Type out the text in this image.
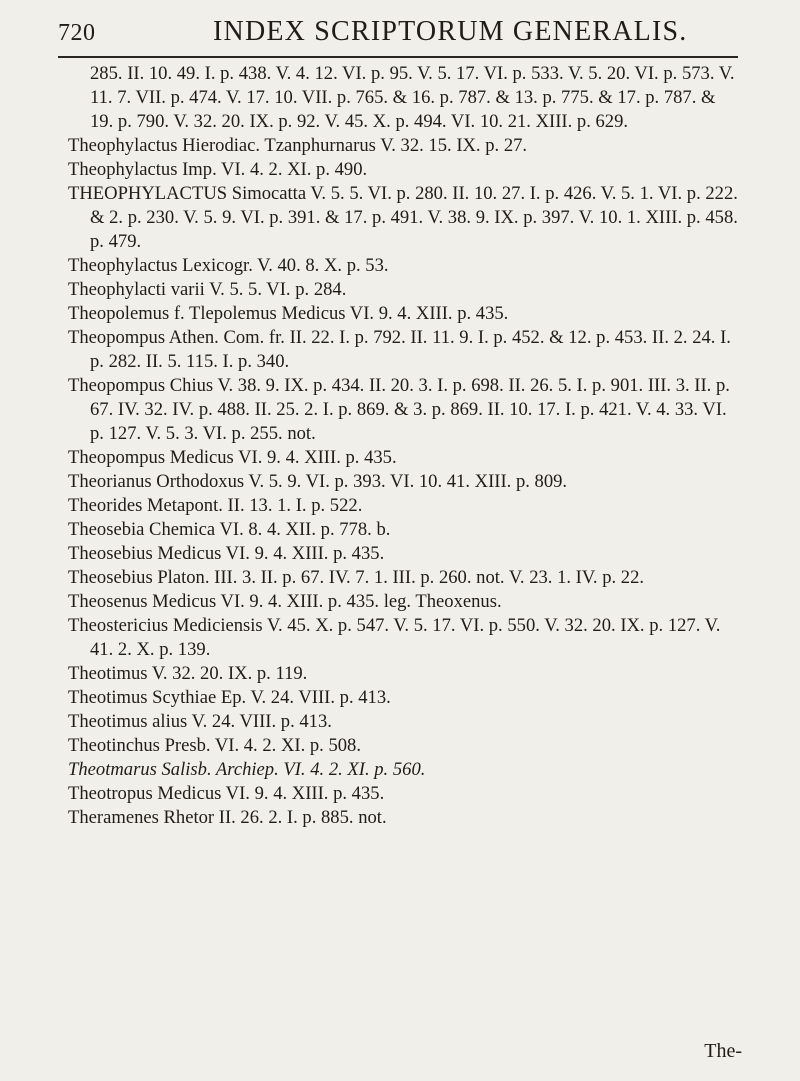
720	INDEX SCRIPTORUM GENERALIS.

285. II. 10. 49. I. p. 438. V. 4. 12. VI. p. 95. V. 5. 17. VI. p. 533. V. 5. 20. VI. p. 573. V. 11. 7. VII. p. 474. V. 17. 10. VII. p. 765. & 16. p. 787. & 13. p. 775. & 17. p. 787. & 19. p. 790. V. 32. 20. IX. p. 92. V. 45. X. p. 494. VI. 10. 21. XIII. p. 629.

Theophylactus Hierodiac. Tzanphurnarus V. 32. 15. IX. p. 27.

Theophylactus Imp. VI. 4. 2. XI. p. 490.

THEOPHYLACTUS Simocatta V. 5. 5. VI. p. 280. II. 10. 27. I. p. 426. V. 5. 1. VI. p. 222. & 2. p. 230. V. 5. 9. VI. p. 391. & 17. p. 491. V. 38. 9. IX. p. 397. V. 10. 1. XIII. p. 458. p. 479.

Theophylactus Lexicogr. V. 40. 8. X. p. 53.

Theophylacti varii V. 5. 5. VI. p. 284.

Theopolemus f. Tlepolemus Medicus VI. 9. 4. XIII. p. 435.

Theopompus Athen. Com. fr. II. 22. I. p. 792. II. 11. 9. I. p. 452. & 12. p. 453. II. 2. 24. I. p. 282. II. 5. 115. I. p. 340.

Theopompus Chius V. 38. 9. IX. p. 434. II. 20. 3. I. p. 698. II. 26. 5. I. p. 901. III. 3. II. p. 67. IV. 32. IV. p. 488. II. 25. 2. I. p. 869. & 3. p. 869. II. 10. 17. I. p. 421. V. 4. 33. VI. p. 127. V. 5. 3. VI. p. 255. not.

Theopompus Medicus VI. 9. 4. XIII. p. 435.

Theorianus Orthodoxus V. 5. 9. VI. p. 393. VI. 10. 41. XIII. p. 809.

Theorides Metapont. II. 13. 1. I. p. 522.

Theosebia Chemica VI. 8. 4. XII. p. 778. b.

Theosebius Medicus VI. 9. 4. XIII. p. 435.

Theosebius Platon. III. 3. II. p. 67. IV. 7. 1. III. p. 260. not. V. 23. 1. IV. p. 22.

Theosenus Medicus VI. 9. 4. XIII. p. 435. leg. Theoxenus.

Theostericius Mediciensis V. 45. X. p. 547. V. 5. 17. VI. p. 550. V. 32. 20. IX. p. 127. V. 41. 2. X. p. 139.

Theotimus V. 32. 20. IX. p. 119.

Theotimus Scythiae Ep. V. 24. VIII. p. 413.

Theotimus alius V. 24. VIII. p. 413.

Theotinchus Presb. VI. 4. 2. XI. p. 508.

Theotmarus Salisb. Archiep. VI. 4. 2. XI. p. 560.

Theotropus Medicus VI. 9. 4. XIII. p. 435.

Theramenes Rhetor II. 26. 2. I. p. 885. not.

The-
